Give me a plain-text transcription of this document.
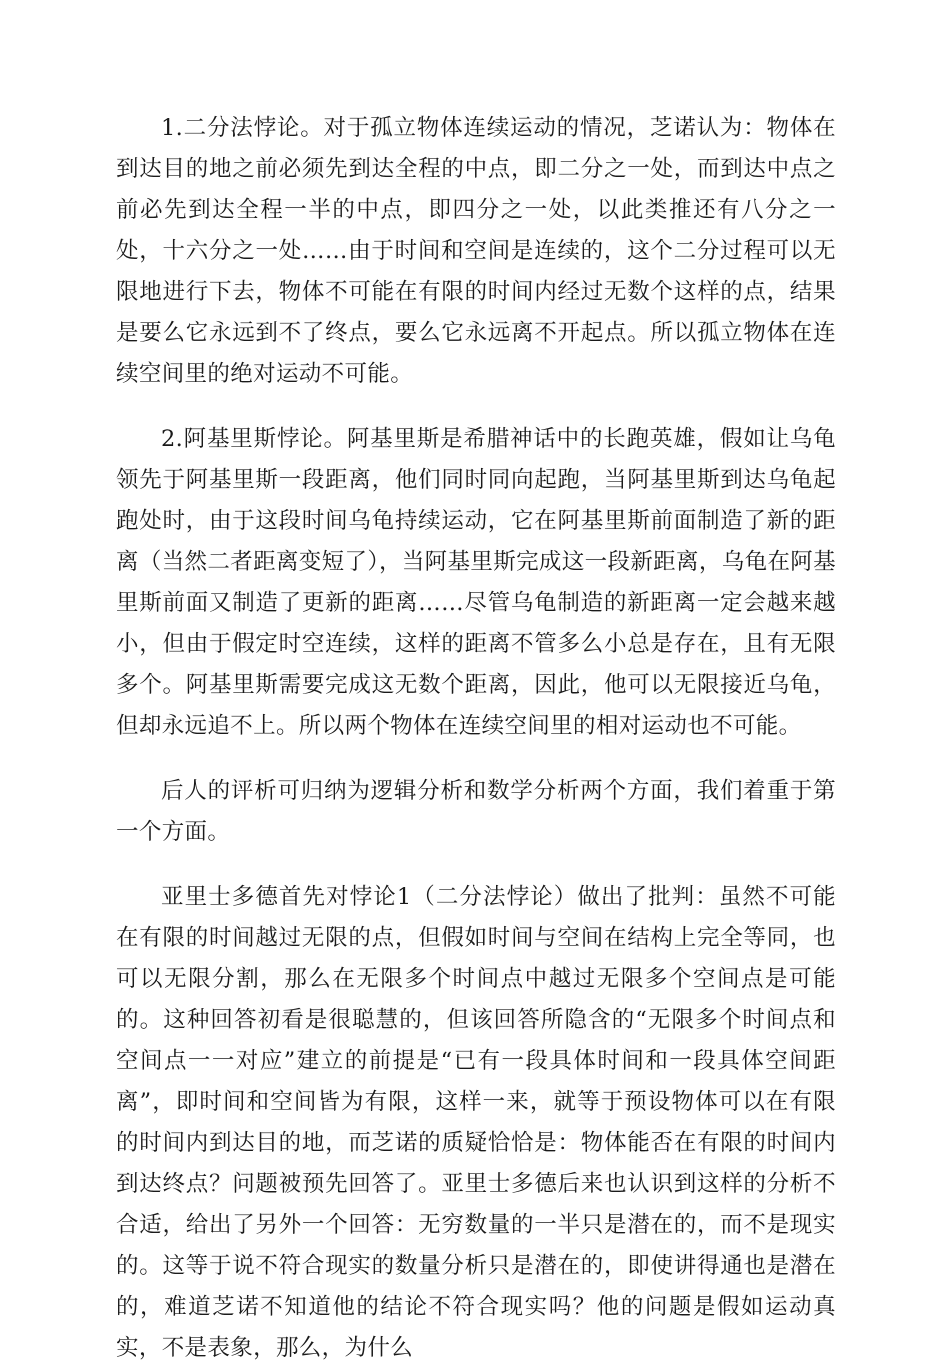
1.二分法悖论。对于孤立物体连续运动的情况，芝诺认为：物体在到达目的地之前必须先到达全程的中点，即二分之一处，而到达中点之前必先到达全程一半的中点，即四分之一处，以此类推还有八分之一处，十六分之一处……由于时间和空间是连续的，这个二分过程可以无限地进行下去，物体不可能在有限的时间内经过无数个这样的点，结果是要么它永远到不了终点，要么它永远离不开起点。所以孤立物体在连续空间里的绝对运动不可能。

2.阿基里斯悖论。阿基里斯是希腊神话中的长跑英雄，假如让乌龟领先于阿基里斯一段距离，他们同时同向起跑，当阿基里斯到达乌龟起跑处时，由于这段时间乌龟持续运动，它在阿基里斯前面制造了新的距离（当然二者距离变短了），当阿基里斯完成这一段新距离，乌龟在阿基里斯前面又制造了更新的距离……尽管乌龟制造的新距离一定会越来越小，但由于假定时空连续，这样的距离不管多么小总是存在，且有无限多个。阿基里斯需要完成这无数个距离，因此，他可以无限接近乌龟，但却永远追不上。所以两个物体在连续空间里的相对运动也不可能。

后人的评析可归纳为逻辑分析和数学分析两个方面，我们着重于第一个方面。

亚里士多德首先对悖论1（二分法悖论）做出了批判：虽然不可能在有限的时间越过无限的点，但假如时间与空间在结构上完全等同，也可以无限分割，那么在无限多个时间点中越过无限多个空间点是可能的。这种回答初看是很聪慧的，但该回答所隐含的“无限多个时间点和空间点一一对应”建立的前提是“已有一段具体时间和一段具体空间距离”，即时间和空间皆为有限，这样一来，就等于预设物体可以在有限的时间内到达目的地，而芝诺的质疑恰恰是：物体能否在有限的时间内到达终点？问题被预先回答了。亚里士多德后来也认识到这样的分析不合适，给出了另外一个回答：无穷数量的一半只是潜在的，而不是现实的。这等于说不符合现实的数量分析只是潜在的，即使讲得通也是潜在的，难道芝诺不知道他的结论不符合现实吗？他的问题是假如运动真实，不是表象，那么，为什么
